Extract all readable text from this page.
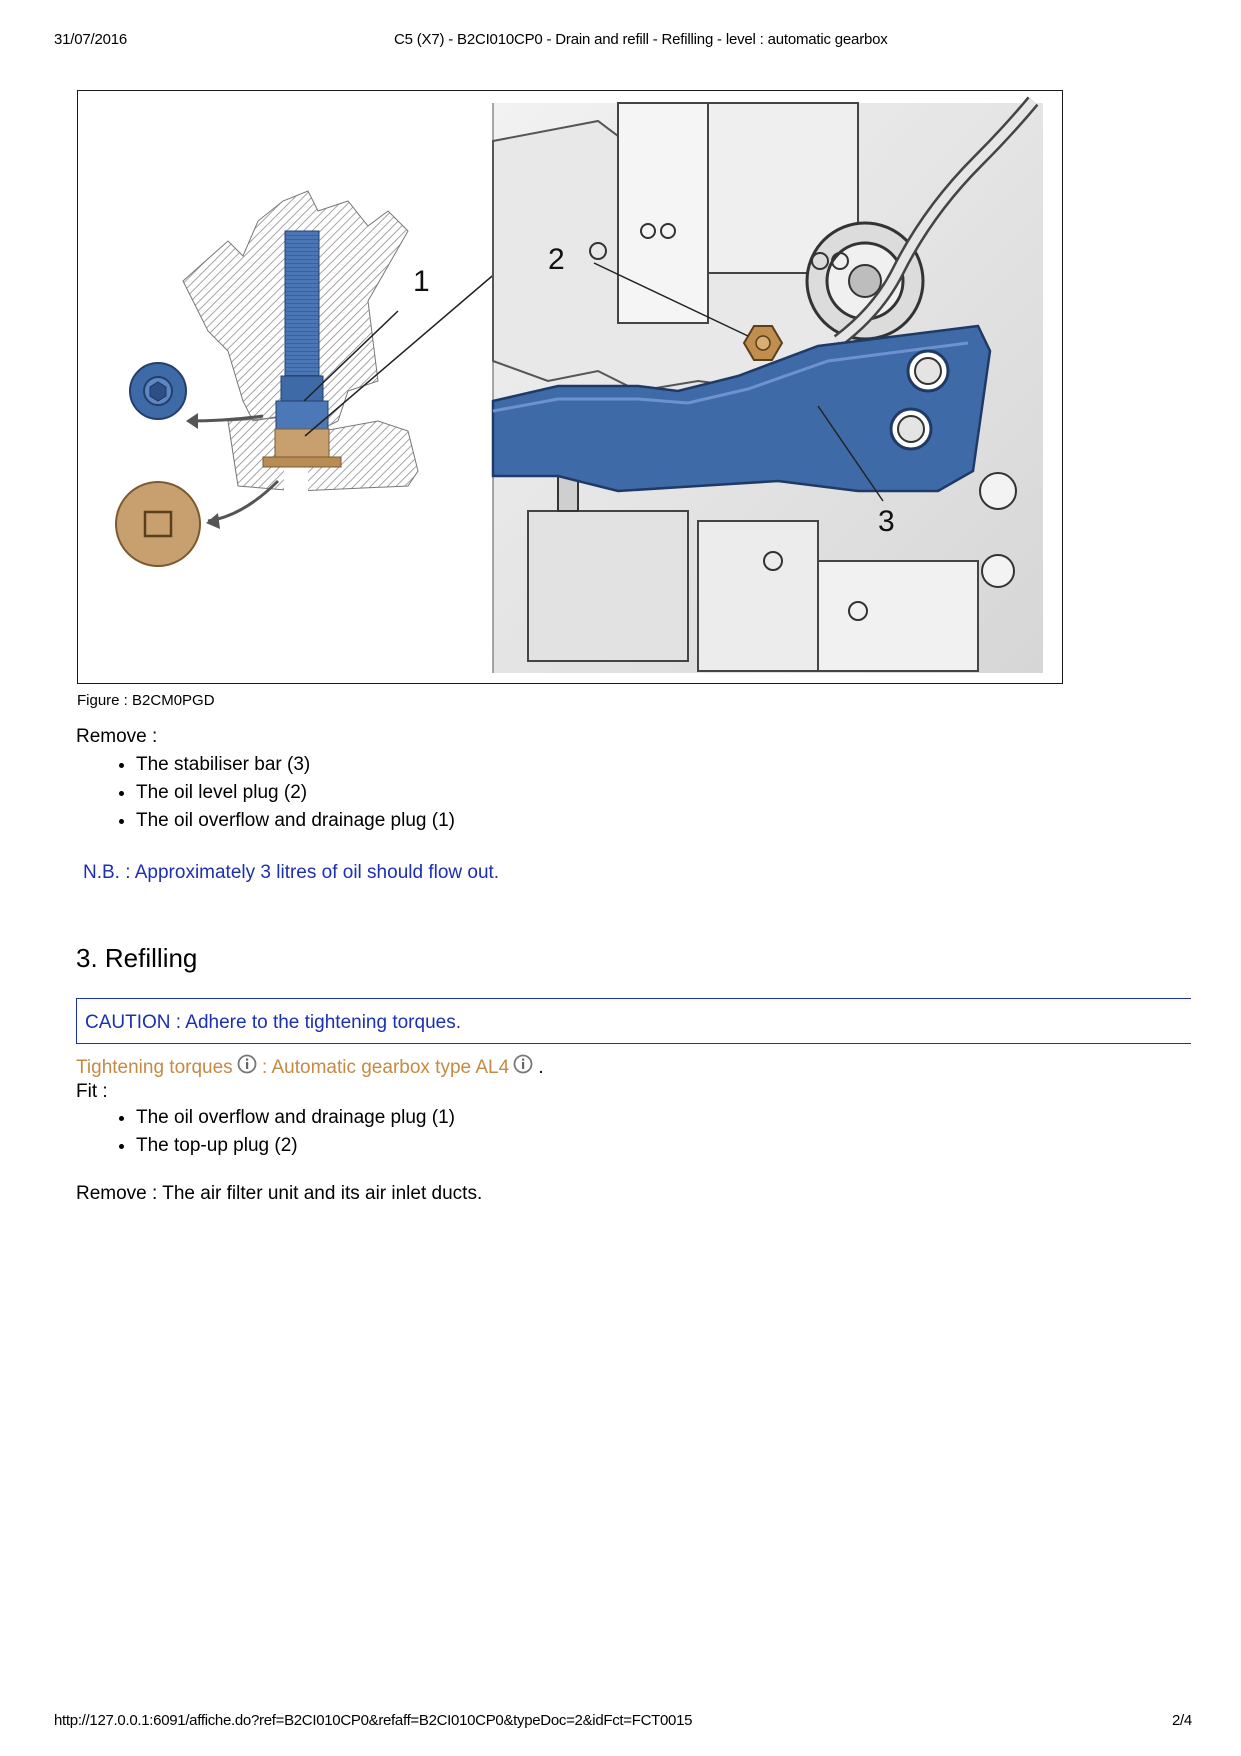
31/07/2016	C5 (X7) - B2CI010CP0 - Drain and refill - Refilling - level : automatic gearbox
1
2
3
Figure : B2CM0PGD
Remove :
• The stabiliser bar (3)
• The oil level plug (2)
• The oil overflow and drainage plug (1)
N.B. : Approximately 3 litres of oil should flow out.
3. Refilling
CAUTION : Adhere to the tightening torques.
Tightening torques : Automatic gearbox type AL4 .
Fit :
• The oil overflow and drainage plug (1)
• The top-up plug (2)
Remove : The air filter unit and its air inlet ducts.
http://127.0.0.1:6091/affiche.do?ref=B2CI010CP0&refaff=B2CI010CP0&typeDoc=2&idFct=FCT0015	2/4
